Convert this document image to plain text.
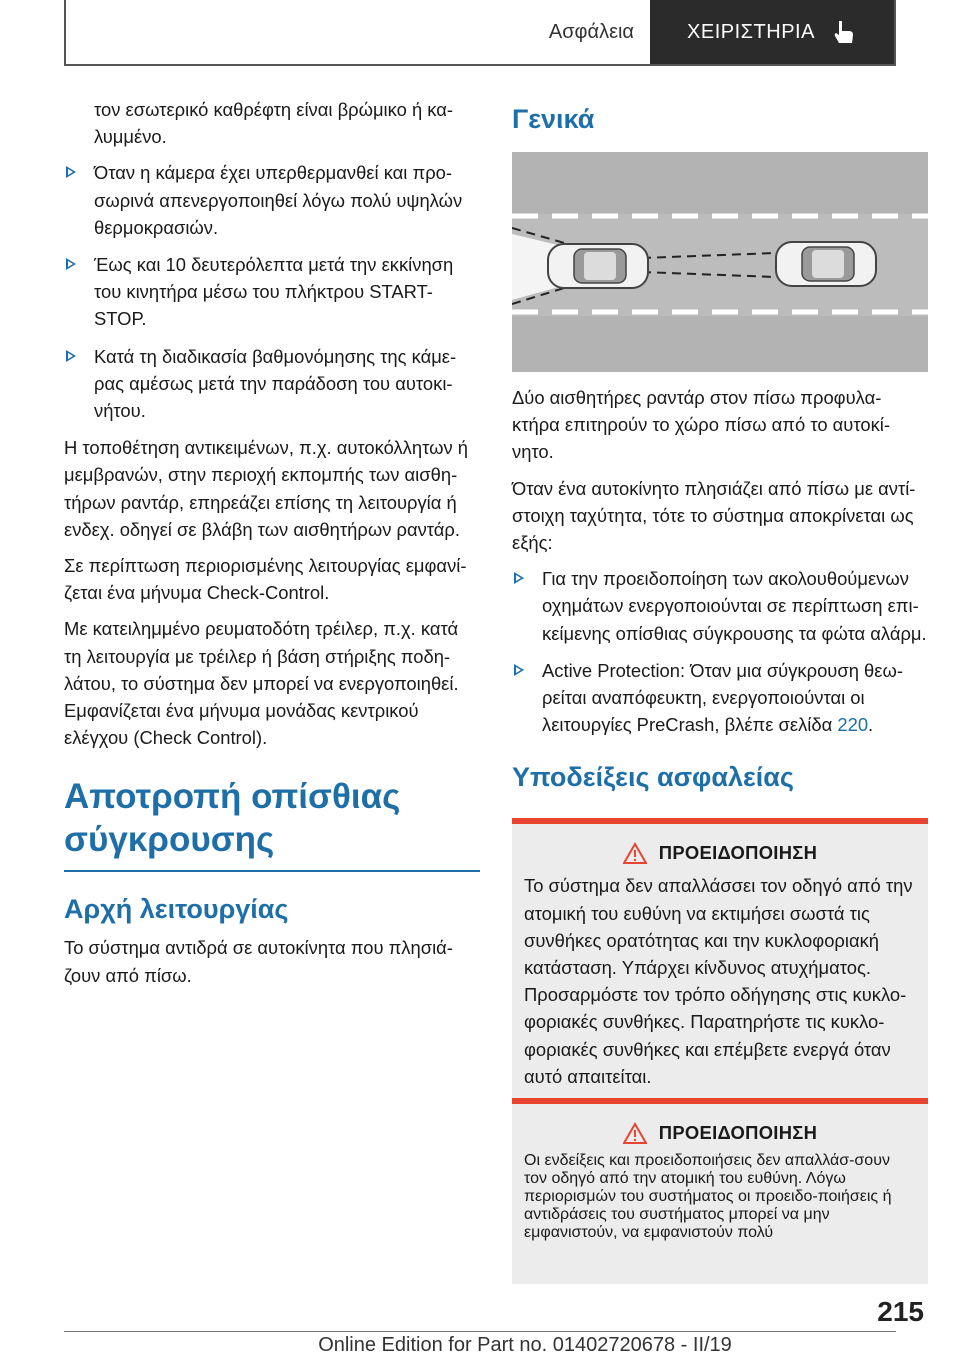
Ασφάλεια	ΧΕΙΡΙΣΤΗΡΙΑ

τον εσωτερικό καθρέφτη είναι βρώμικο ή κα-λυμμένο.

Όταν η κάμερα έχει υπερθερμανθεί και προ-σωρινά απενεργοποιηθεί λόγω πολύ υψηλών θερμοκρασιών.
Έως και 10 δευτερόλεπτα μετά την εκκίνηση του κινητήρα μέσω του πλήκτρου START-STOP.
Κατά τη διαδικασία βαθμονόμησης της κάμε-ρας αμέσως μετά την παράδοση του αυτοκι-νήτου.

Η τοποθέτηση αντικειμένων, π.χ. αυτοκόλλητων ή μεμβρανών, στην περιοχή εκπομπής των αισθη-τήρων ραντάρ, επηρεάζει επίσης τη λειτουργία ή ενδεχ. οδηγεί σε βλάβη των αισθητήρων ραντάρ.

Σε περίπτωση περιορισμένης λειτουργίας εμφανί-ζεται ένα μήνυμα Check-Control.

Με κατειλημμένο ρευματοδότη τρέιλερ, π.χ. κατά τη λειτουργία με τρέιλερ ή βάση στήριξης ποδη-λάτου, το σύστημα δεν μπορεί να ενεργοποιηθεί. Εμφανίζεται ένα μήνυμα μονάδας κεντρικού ελέγχου (Check Control).

Αποτροπή οπίσθιας σύγκρουσης
Αρχή λειτουργίας

Το σύστημα αντιδρά σε αυτοκίνητα που πλησιά-ζουν από πίσω.

Γενικά

Δύο αισθητήρες ραντάρ στον πίσω προφυλα-κτήρα επιτηρούν το χώρο πίσω από το αυτοκί-νητο.

Όταν ένα αυτοκίνητο πλησιάζει από πίσω με αντί-στοιχη ταχύτητα, τότε το σύστημα αποκρίνεται ως εξής:

Για την προειδοποίηση των ακολουθούμενων οχημάτων ενεργοποιούνται σε περίπτωση επι-κείμενης οπίσθιας σύγκρουσης τα φώτα αλάρμ.
Active Protection: Όταν μια σύγκρουση θεω-ρείται αναπόφευκτη, ενεργοποιούνται οι λειτουργίες PreCrash, βλέπε σελίδα 220.
Υποδείξεις ασφαλείας
ΠΡΟΕΙΔΟΠΟΙΗΣΗ

Το σύστημα δεν απαλλάσσει τον οδηγό από την ατομική του ευθύνη να εκτιμήσει σωστά τις συνθήκες ορατότητας και την κυκλοφοριακή κατάσταση. Υπάρχει κίνδυνος ατυχήματος. Προσαρμόστε τον τρόπο οδήγησης στις κυκλο-φοριακές συνθήκες. Παρατηρήστε τις κυκλο-φοριακές συνθήκες και επέμβετε ενεργά όταν αυτό απαιτείται.

ΠΡΟΕΙΔΟΠΟΙΗΣΗ

Οι ενδείξεις και προειδοποιήσεις δεν απαλλάσ-σουν τον οδηγό από την ατομική του ευθύνη. Λόγω περιορισμών του συστήματος οι προειδο-ποιήσεις ή αντιδράσεις του συστήματος μπορεί να μην εμφανιστούν, να εμφανιστούν πολύ

215
Online Edition for Part no. 01402720678 - II/19
